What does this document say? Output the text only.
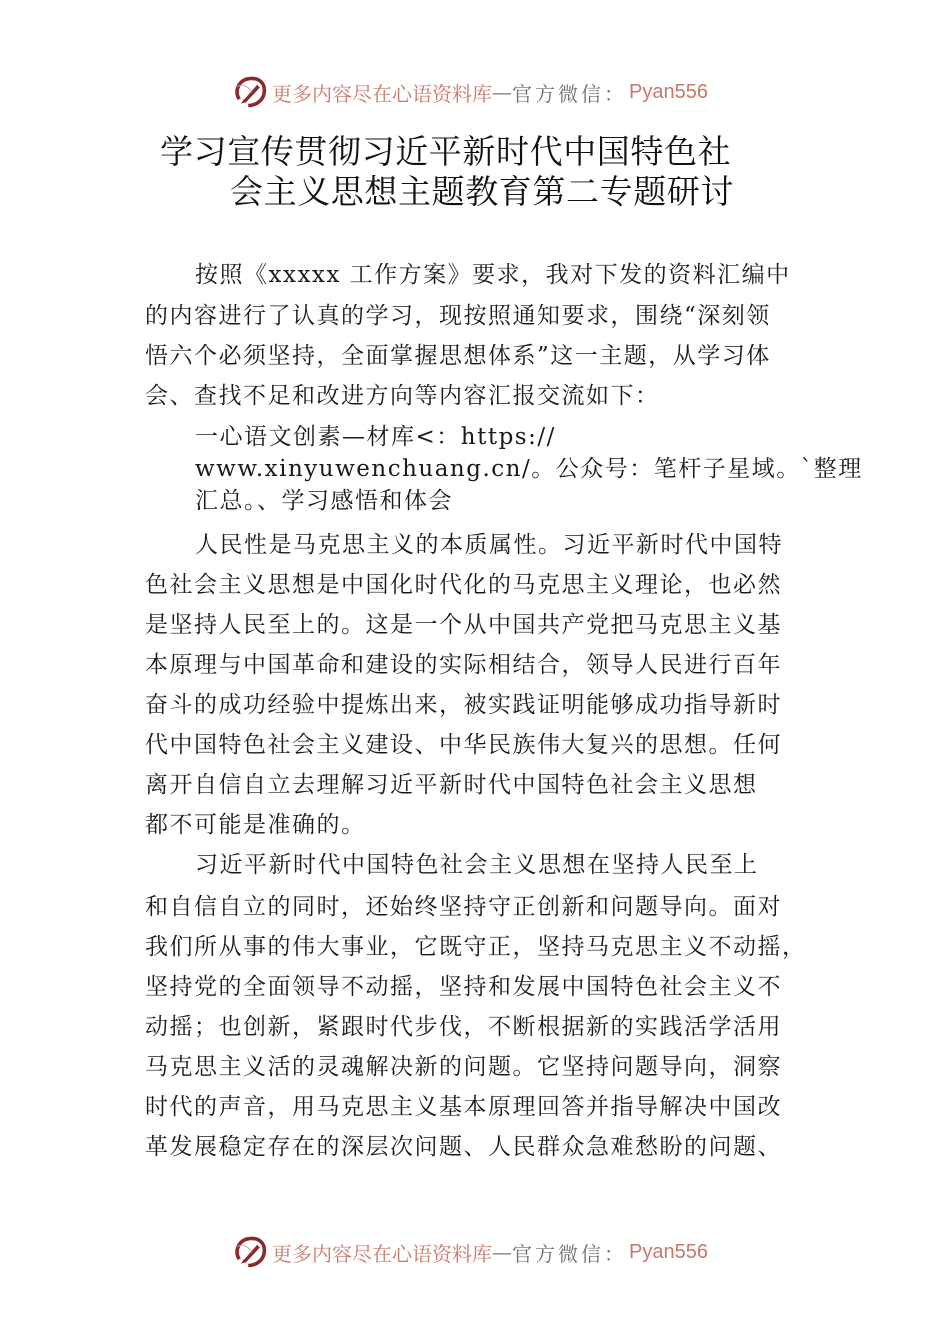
更多内容尽在心语资料库 — 官方微信： Pyan556
学习宣传贯彻习近平新时代中国特色社
会主义思想主题教育第二专题研讨
按照《xxxxx 工作方案》要求，我对下发的资料汇编中
的内容进行了认真的学习，现按照通知要求，围绕“深刻领
悟六个必须坚持，全面掌握思想体系”这一主题，从学习体
会、查找不足和改进方向等内容汇报交流如下：
一心语文创素—材库<：https://
www.xinyuwenchuang.cn/。公众号：笔杆子星域。`整理
汇总。、学习感悟和体会
人民性是马克思主义的本质属性。习近平新时代中国特
色社会主义思想是中国化时代化的马克思主义理论，也必然
是坚持人民至上的。这是一个从中国共产党把马克思主义基
本原理与中国革命和建设的实际相结合，领导人民进行百年
奋斗的成功经验中提炼出来，被实践证明能够成功指导新时
代中国特色社会主义建设、中华民族伟大复兴的思想。任何
离开自信自立去理解习近平新时代中国特色社会主义思想
都不可能是准确的。
习近平新时代中国特色社会主义思想在坚持人民至上
和自信自立的同时，还始终坚持守正创新和问题导向。面对
我们所从事的伟大事业，它既守正，坚持马克思主义不动摇，
坚持党的全面领导不动摇，坚持和发展中国特色社会主义不
动摇；也创新，紧跟时代步伐，不断根据新的实践活学活用
马克思主义活的灵魂解决新的问题。它坚持问题导向，洞察
时代的声音，用马克思主义基本原理回答并指导解决中国改
革发展稳定存在的深层次问题、人民群众急难愁盼的问题、
更多内容尽在心语资料库 — 官方微信： Pyan556
